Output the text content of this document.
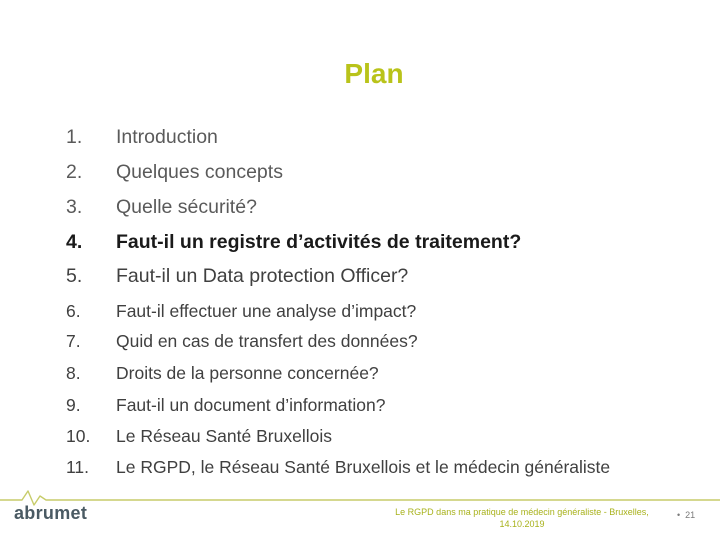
Plan
1.	Introduction
2.	Quelques concepts
3.	Quelle sécurité?
4.	Faut-il un registre d’activités de traitement?
5.	Faut-il un Data protection Officer?
6.	Faut-il effectuer une analyse d’impact?
7.	Quid en cas de transfert des données?
8.	Droits de la personne concernée?
9.	Faut-il un document d’information?
10.	Le Réseau Santé Bruxellois
11.	Le RGPD, le Réseau Santé Bruxellois et le médecin généraliste
abrumet	Le RGPD dans ma pratique de médecin généraliste - Bruxelles,
14.10.2019
• 21
